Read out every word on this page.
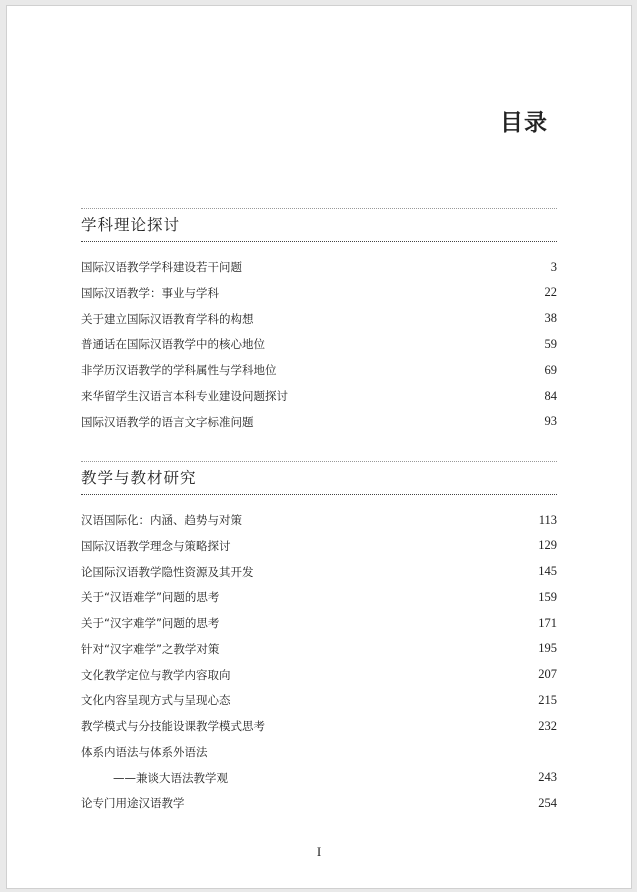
目录
学科理论探讨
教学与教材研究
国际汉语教学学科建设若干问题	3
国际汉语教学：事业与学科	22
关于建立国际汉语教育学科的构想	38
普通话在国际汉语教学中的核心地位	59
非学历汉语教学的学科属性与学科地位	69
来华留学生汉语言本科专业建设问题探讨	84
国际汉语教学的语言文字标准问题	93
汉语国际化：内涵、趋势与对策	113
国际汉语教学理念与策略探讨	129
论国际汉语教学隐性资源及其开发	145
关于“汉语难学”问题的思考	159
关于“汉字难学”问题的思考	171
针对“汉字难学”之教学对策	195
文化教学定位与教学内容取向	207
文化内容呈现方式与呈现心态	215
教学模式与分技能设课教学模式思考	232
体系内语法与体系外语法
——兼谈大语法教学观	243
论专门用途汉语教学	254
I
